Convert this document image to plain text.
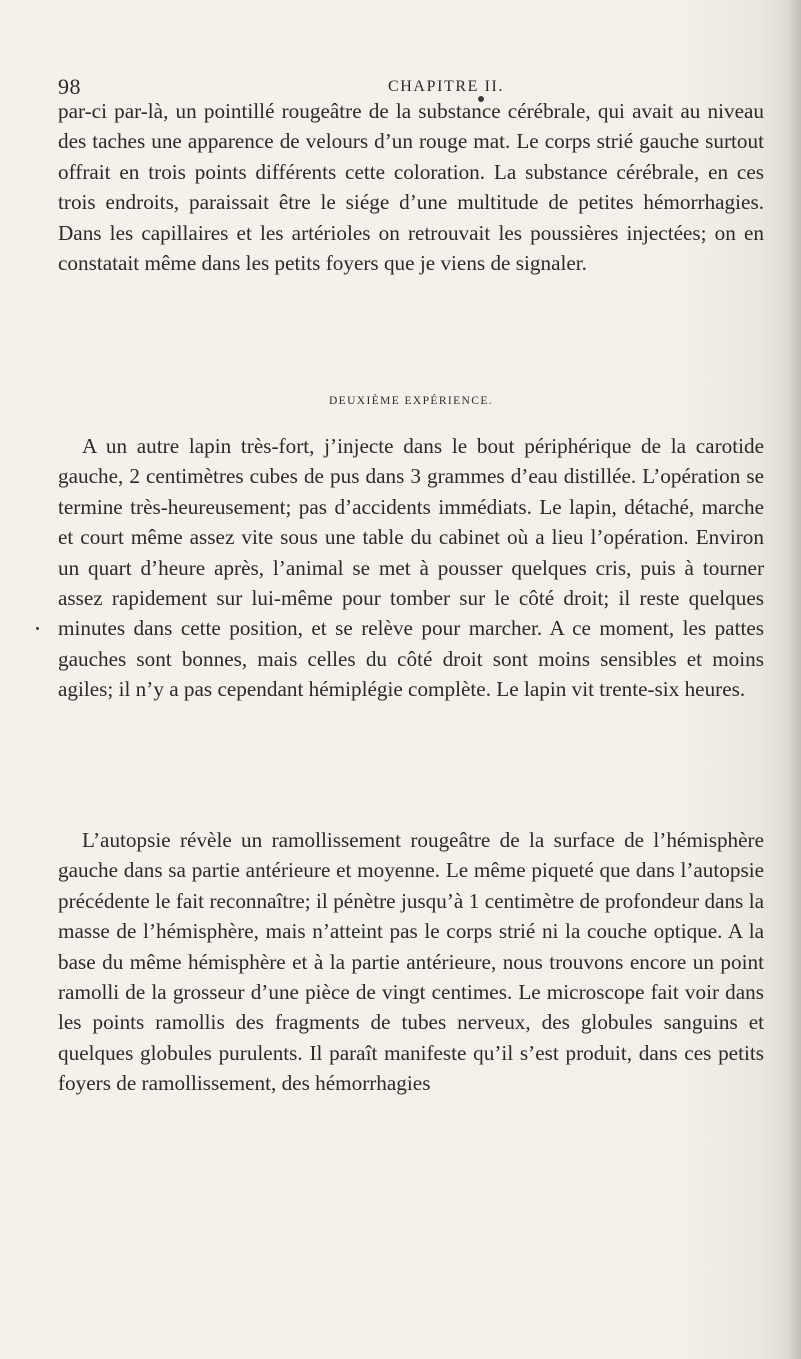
98	CHAPITRE II.

par-ci par-là, un pointillé rougeâtre de la substance cérébrale, qui avait au niveau des taches une apparence de velours d’un rouge mat. Le corps strié gauche surtout offrait en trois points différents cette coloration. La substance cérébrale, en ces trois endroits, paraissait être le siége d’une multitude de petites hémorrhagies. Dans les capillaires et les artérioles on retrouvait les poussières injectées; on en constatait même dans les petits foyers que je viens de signaler.

DEUXIÈME EXPÉRIENCE.

A un autre lapin très-fort, j’injecte dans le bout périphérique de la carotide gauche, 2 centimètres cubes de pus dans 3 grammes d’eau distillée. L’opération se termine très-heureusement; pas d’accidents immédiats. Le lapin, détaché, marche et court même assez vite sous une table du cabinet où a lieu l’opération. Environ un quart d’heure après, l’animal se met à pousser quelques cris, puis à tourner assez rapidement sur lui-même pour tomber sur le côté droit; il reste quelques minutes dans cette position, et se relève pour marcher. A ce moment, les pattes gauches sont bonnes, mais celles du côté droit sont moins sensibles et moins agiles; il n’y a pas cependant hémiplégie complète. Le lapin vit trente-six heures.

L’autopsie révèle un ramollissement rougeâtre de la surface de l’hémisphère gauche dans sa partie antérieure et moyenne. Le même piqueté que dans l’autopsie précédente le fait reconnaître; il pénètre jusqu’à 1 centimètre de profondeur dans la masse de l’hémisphère, mais n’atteint pas le corps strié ni la couche optique. A la base du même hémisphère et à la partie antérieure, nous trouvons encore un point ramolli de la grosseur d’une pièce de vingt centimes. Le microscope fait voir dans les points ramollis des fragments de tubes nerveux, des globules sanguins et quelques globules purulents. Il paraît manifeste qu’il s’est produit, dans ces petits foyers de ramollissement, des hémorrhagies
